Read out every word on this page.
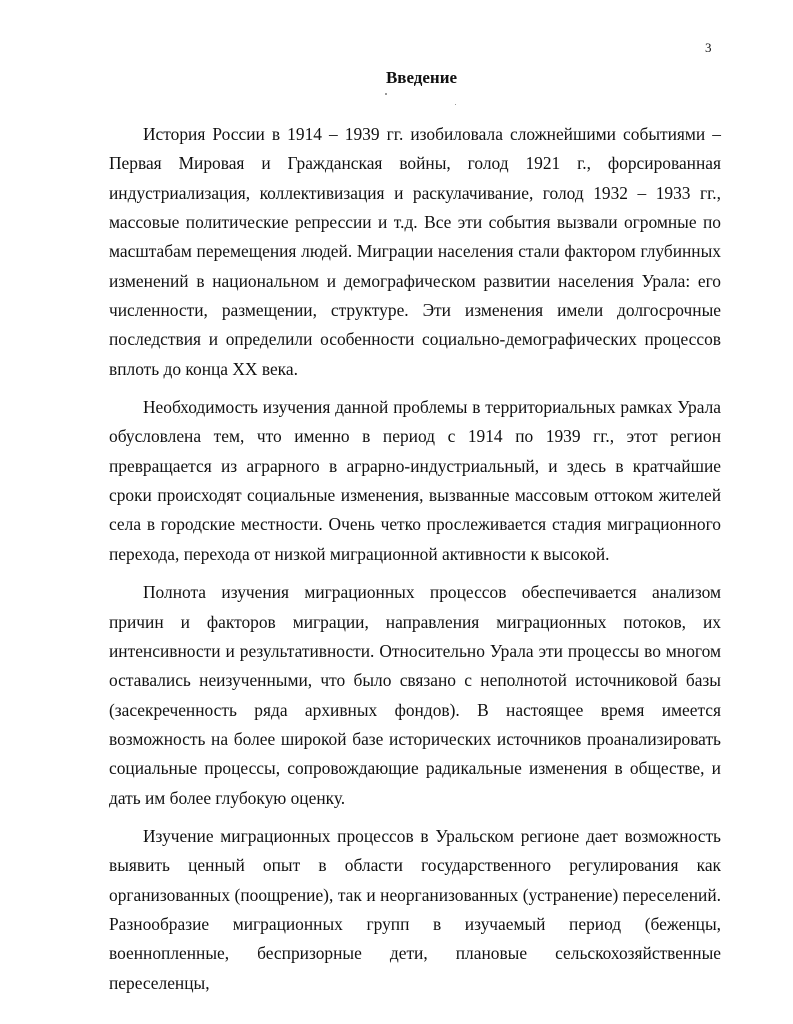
3
Введение

История России в 1914 – 1939 гг. изобиловала сложнейшими событиями – Первая Мировая и Гражданская войны, голод 1921 г., форсированная индустриализация, коллективизация и раскулачивание, голод 1932 – 1933 гг., массовые политические репрессии и т.д. Все эти события вызвали огромные по масштабам перемещения людей. Миграции населения стали фактором глубинных изменений в национальном и демографическом развитии населения Урала: его численности, размещении, структуре. Эти изменения имели долгосрочные последствия и определили особенности социально-демографических процессов вплоть до конца XX века.

Необходимость изучения данной проблемы в территориальных рамках Урала обусловлена тем, что именно в период с 1914 по 1939 гг., этот регион превращается из аграрного в аграрно-индустриальный, и здесь в кратчайшие сроки происходят социальные изменения, вызванные массовым оттоком жителей села в городские местности. Очень четко прослеживается стадия миграционного перехода, перехода от низкой миграционной активности к высокой.

Полнота изучения миграционных процессов обеспечивается анализом причин и факторов миграции, направления миграционных потоков, их интенсивности и результативности. Относительно Урала эти процессы во многом оставались неизученными, что было связано с неполнотой источниковой базы (засекреченность ряда архивных фондов). В настоящее время имеется возможность на более широкой базе исторических источников проанализировать социальные процессы, сопровождающие радикальные изменения в обществе, и дать им более глубокую оценку.

Изучение миграционных процессов в Уральском регионе дает возможность выявить ценный опыт в области государственного регулирования как организованных (поощрение), так и неорганизованных (устранение) переселений. Разнообразие миграционных групп в изучаемый период (беженцы, военнопленные, беспризорные дети, плановые сельскохозяйственные переселенцы,
